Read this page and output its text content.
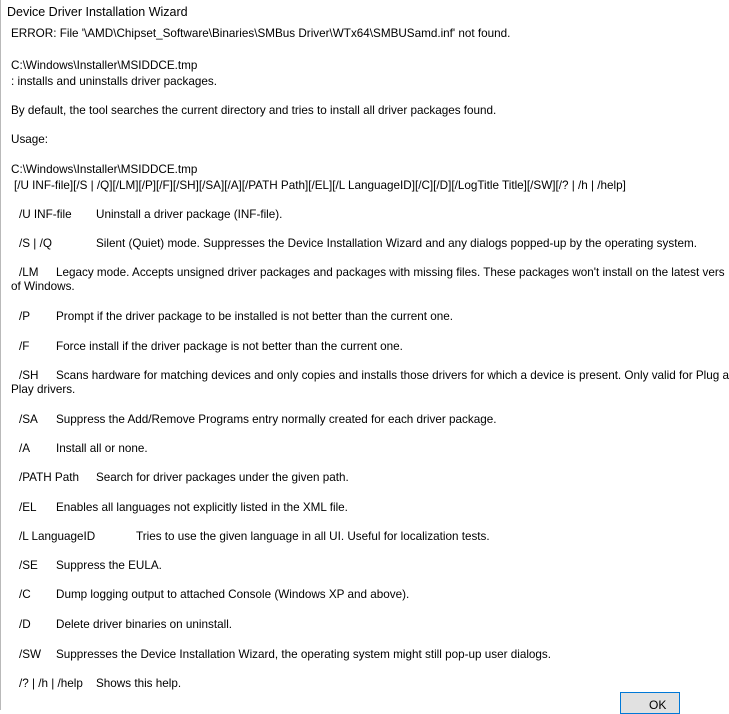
Device Driver Installation Wizard
ERROR: File '\AMD\Chipset_Software\Binaries\SMBus Driver\WTx64\SMBUSamd.inf' not found.
C:\Windows\Installer\MSIDDCE.tmp
: installs and uninstalls driver packages.
By default, the tool searches the current directory and tries to install all driver packages found.
Usage:
C:\Windows\Installer\MSIDDCE.tmp
[/U INF-file][/S | /Q][/LM][/P][/F][/SH][/SA][/A][/PATH Path][/EL][/L LanguageID][/C][/D][/LogTitle Title][/SW][/? | /h | /help]
/U INF-file Uninstall a driver package (INF-file).
/S | /Q	Silent (Quiet) mode. Suppresses the Device Installation Wizard and any dialogs popped-up by the operating system.
/LM Legacy mode. Accepts unsigned driver packages and packages with missing files. These packages won't install on the latest vers
of Windows.
/P Prompt if the driver package to be installed is not better than the current one.
/F Force install if the driver package is not better than the current one.
/SH Scans hardware for matching devices and only copies and installs those drivers for which a device is present. Only valid for Plug a
Play drivers.
/SA Suppress the Add/Remove Programs entry normally created for each driver package.
/A Install all or none.
/PATH Path Search for driver packages under the given path.
/EL Enables all languages not explicitly listed in the XML file.
/L LanguageID	Tries to use the given language in all UI. Useful for localization tests.
/SE Suppress the EULA.
/C Dump logging output to attached Console (Windows XP and above).
/D Delete driver binaries on uninstall.
/SW Suppresses the Device Installation Wizard, the operating system might still pop-up user dialogs.
/? | /h | /help Shows this help.
OK
